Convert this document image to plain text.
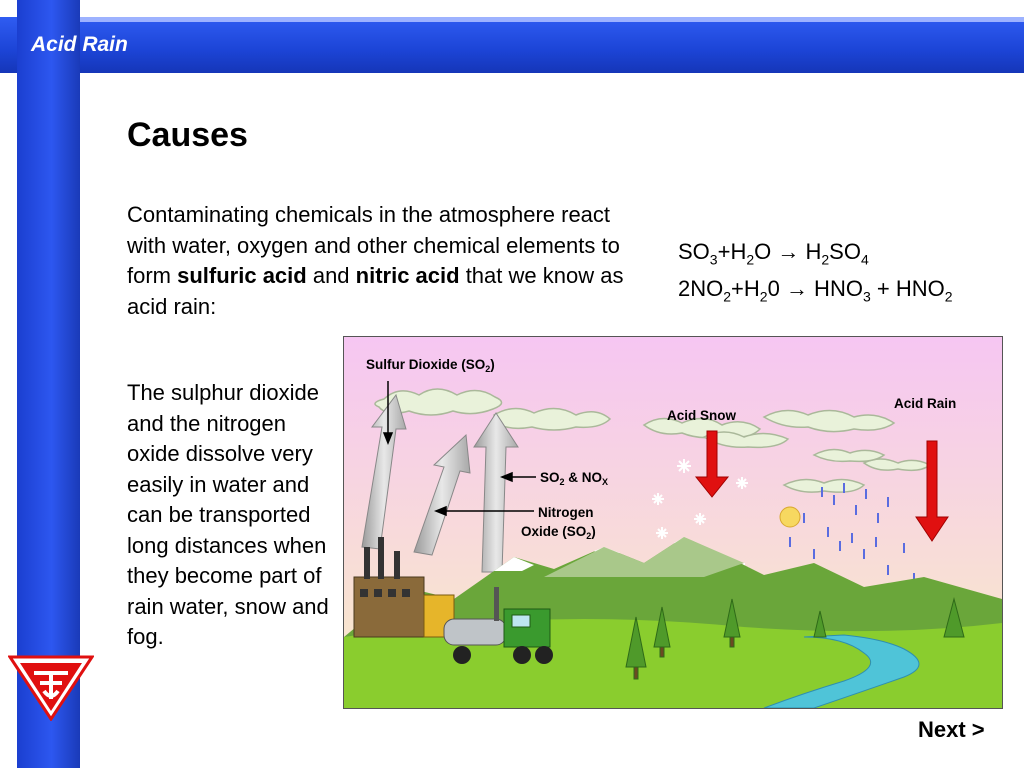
Acid Rain
Causes
Contaminating chemicals in the atmosphere react with water, oxygen and other chemical elements to form sulfuric acid and nitric acid that we know as acid rain:
$SO_3+H_2O \to H_2SO_4$
$2NO_2+H_20 \to HNO_3 + HNO_2$
The sulphur dioxide and the nitrogen oxide dissolve very easily in water and can be transported long distances when they become part of rain water, snow and fog.
Sulfur Dioxide $(SO_2)$
$SO_2$ & $NO_X$
Nitrogen
Oxide $(SO_2)$
Acid Snow
Acid Rain
Next >
